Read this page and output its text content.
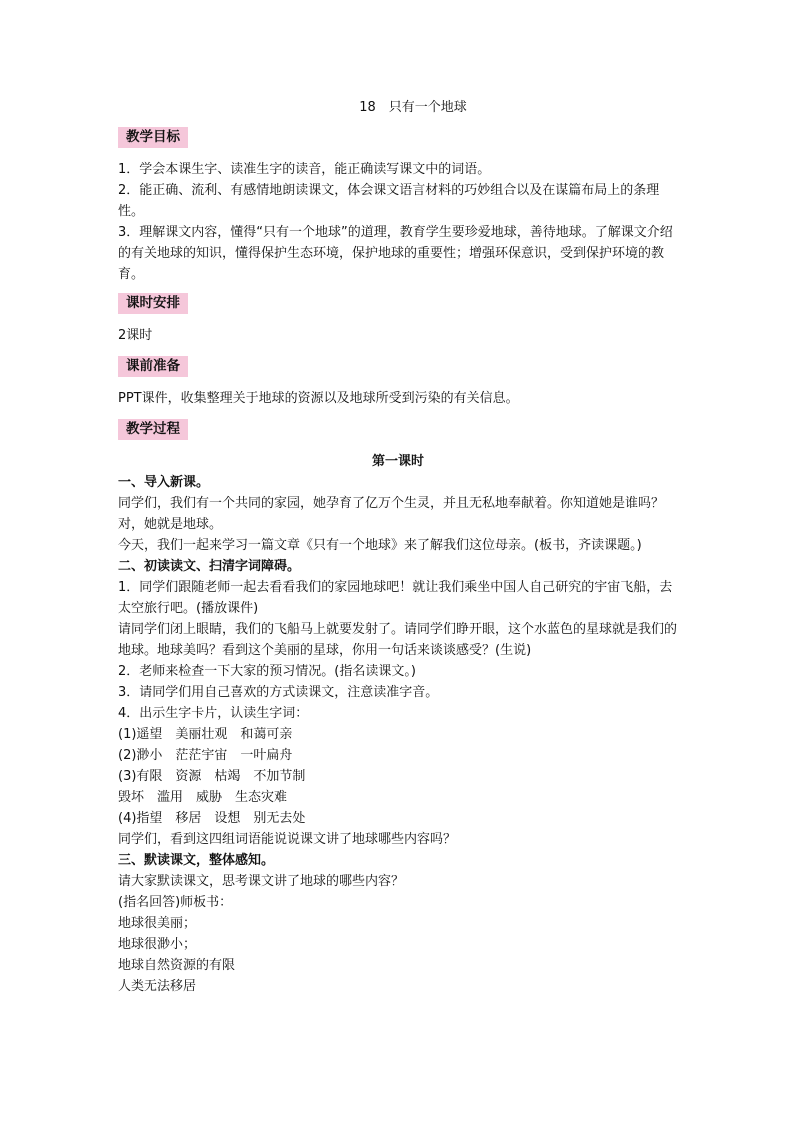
18　只有一个地球
教学目标

1．学会本课生字、读准生字的读音，能正确读写课文中的词语。

2．能正确、流利、有感情地朗读课文，体会课文语言材料的巧妙组合以及在谋篇布局上的条理性。

3．理解课文内容，懂得“只有一个地球”的道理，教育学生要珍爱地球，善待地球。了解课文介绍的有关地球的知识，懂得保护生态环境，保护地球的重要性；增强环保意识，受到保护环境的教育。

课时安排
2课时
课前准备
PPT课件，收集整理关于地球的资源以及地球所受到污染的有关信息。
教学过程

第一课时

一、导入新课。

同学们，我们有一个共同的家园，她孕育了亿万个生灵，并且无私地奉献着。你知道她是谁吗？对，她就是地球。

今天，我们一起来学习一篇文章《只有一个地球》来了解我们这位母亲。(板书，齐读课题。)

二、初读读文、扫清字词障碍。

1．同学们跟随老师一起去看看我们的家园地球吧！就让我们乘坐中国人自己研究的宇宙飞船，去太空旅行吧。(播放课件)

请同学们闭上眼睛，我们的飞船马上就要发射了。请同学们睁开眼，这个水蓝色的星球就是我们的地球。地球美吗？看到这个美丽的星球，你用一句话来谈谈感受？(生说)

2．老师来检查一下大家的预习情况。(指名读课文。)

3．请同学们用自己喜欢的方式读课文，注意读准字音。

4．出示生字卡片，认读生字词：

(1)遥望　美丽壮观　和蔼可亲

(2)渺小　茫茫宇宙　一叶扁舟

(3)有限　资源　枯竭　不加节制

毁坏　滥用　威胁　生态灾难

(4)指望　移居　设想　别无去处

同学们，看到这四组词语能说说课文讲了地球哪些内容吗？

三、默读课文，整体感知。

请大家默读课文，思考课文讲了地球的哪些内容？

(指名回答)师板书：

地球很美丽；

地球很渺小；

地球自然资源的有限

人类无法移居
